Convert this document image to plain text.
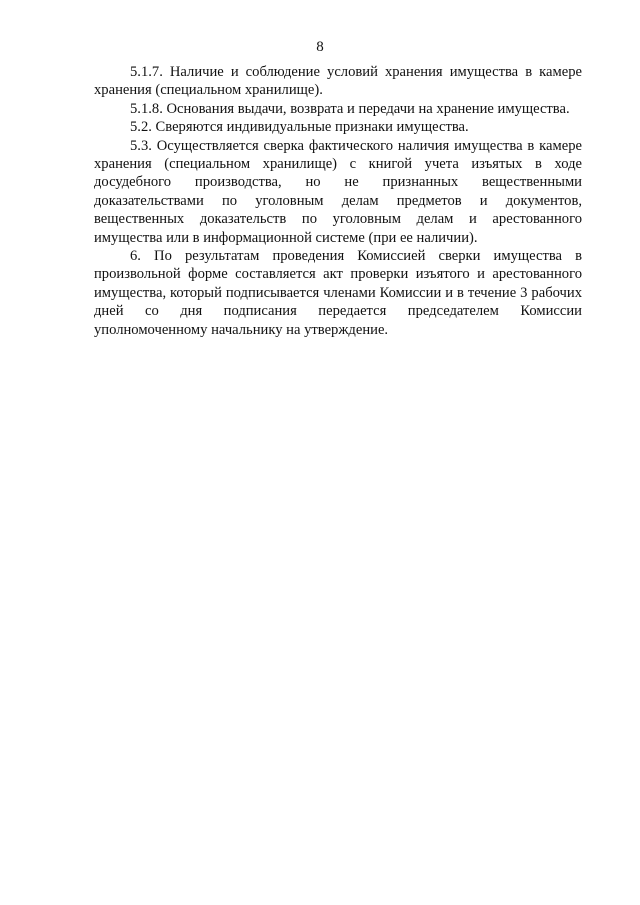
8

5.1.7. Наличие и соблюдение условий хранения имущества в камере хранения (специальном хранилище).

5.1.8. Основания выдачи, возврата и передачи на хранение имущества.

5.2. Сверяются индивидуальные признаки имущества.

5.3. Осуществляется сверка фактического наличия имущества в камере хранения (специальном хранилище) с книгой учета изъятых в ходе досудебного производства, но не признанных вещественными доказательствами по уголовным делам предметов и документов, вещественных доказательств по уголовным делам и арестованного имущества или в информационной системе (при ее наличии).

6. По результатам проведения Комиссией сверки имущества в произвольной форме составляется акт проверки изъятого и арестованного имущества, который подписывается членами Комиссии и в течение 3 рабочих дней со дня подписания передается председателем Комиссии уполномоченному начальнику на утверждение.
